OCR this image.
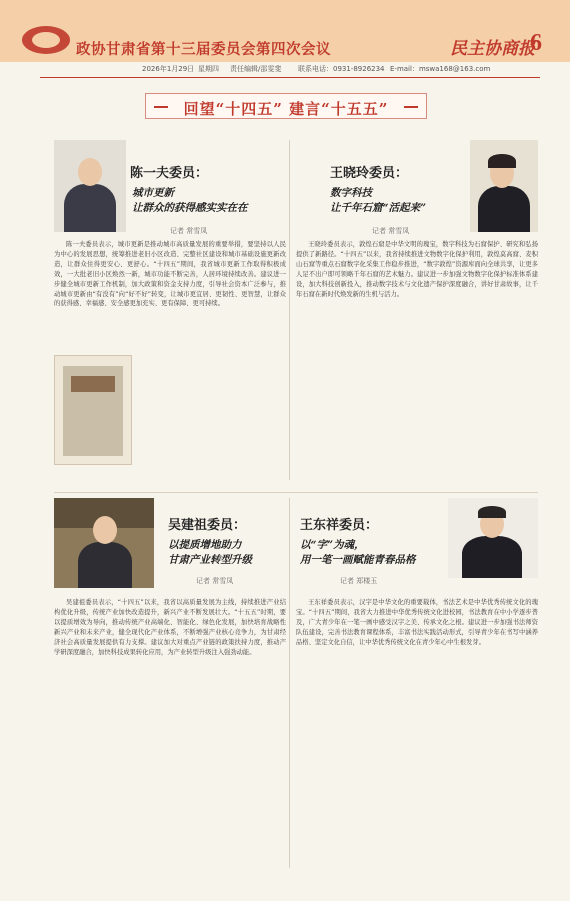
政协甘肃省第十三届委员会第四次会议	民主协商报
6
2026年1月29日 星期四 责任编辑/邵雯斐 联系电话：0931-8926234 E-mail：mswa168@163.com
回望“十四五” 建言“十五五”
陈一夫委员：
城市更新
让群众的获得感实实在在
记者 常雪凤

陈一夫委员表示，城市更新是推动城市高质量发展的重要举措，要坚持以人民为中心的发展思想，统筹推进老旧小区改造、完整社区建设和城市基础设施更新改造，让群众住得更安心、更舒心。“十四五”期间，我省城市更新工作取得积极成效，一大批老旧小区焕然一新，城市功能不断完善，人居环境持续改善。建议进一步健全城市更新工作机制，加大政策和资金支持力度，引导社会资本广泛参与，推动城市更新由“有没有”向“好不好”转变，让城市更宜居、更韧性、更智慧，让群众的获得感、幸福感、安全感更加充实、更有保障、更可持续。

王晓玲委员：
数字科技
让千年石窟“活起来”
记者 常雪凤

王晓玲委员表示，敦煌石窟是中华文明的瑰宝，数字科技为石窟保护、研究和弘扬提供了新路径。“十四五”以来，我省持续推进文物数字化保护利用，敦煌莫高窟、麦积山石窟等重点石窟数字化采集工作稳步推进，“数字敦煌”资源库面向全球共享，让更多人足不出户即可领略千年石窟的艺术魅力。建议进一步加强文物数字化保护标准体系建设，加大科技创新投入，推动数字技术与文化遗产保护深度融合，讲好甘肃故事，让千年石窟在新时代焕发新的生机与活力。

吴建祖委员：
以提质增地助力
甘肃产业转型升级
记者 常雪凤

吴建祖委员表示，“十四五”以来，我省以高质量发展为主线，持续推进产业结构优化升级，传统产业加快改造提升，新兴产业不断发展壮大。“十五五”时期，要以提质增效为导向，推动传统产业高端化、智能化、绿色化发展，加快培育战略性新兴产业和未来产业，健全现代化产业体系，不断增强产业核心竞争力，为甘肃经济社会高质量发展提供有力支撑。建议加大对重点产业链的政策扶持力度，推动产学研深度融合，加快科技成果转化应用，为产业转型升级注入强劲动能。

王东祥委员：
以“字”为魂，
用一笔一画赋能青春品格
记者 郑楼玉

王东祥委员表示，汉字是中华文化的重要载体，书法艺术是中华优秀传统文化的瑰宝。“十四五”期间，我省大力推进中华优秀传统文化进校园，书法教育在中小学逐步普及，广大青少年在一笔一画中感受汉字之美、传承文化之根。建议进一步加强书法师资队伍建设，完善书法教育课程体系，丰富书法实践活动形式，引导青少年在书写中涵养品格、坚定文化自信，让中华优秀传统文化在青少年心中生根发芽。
